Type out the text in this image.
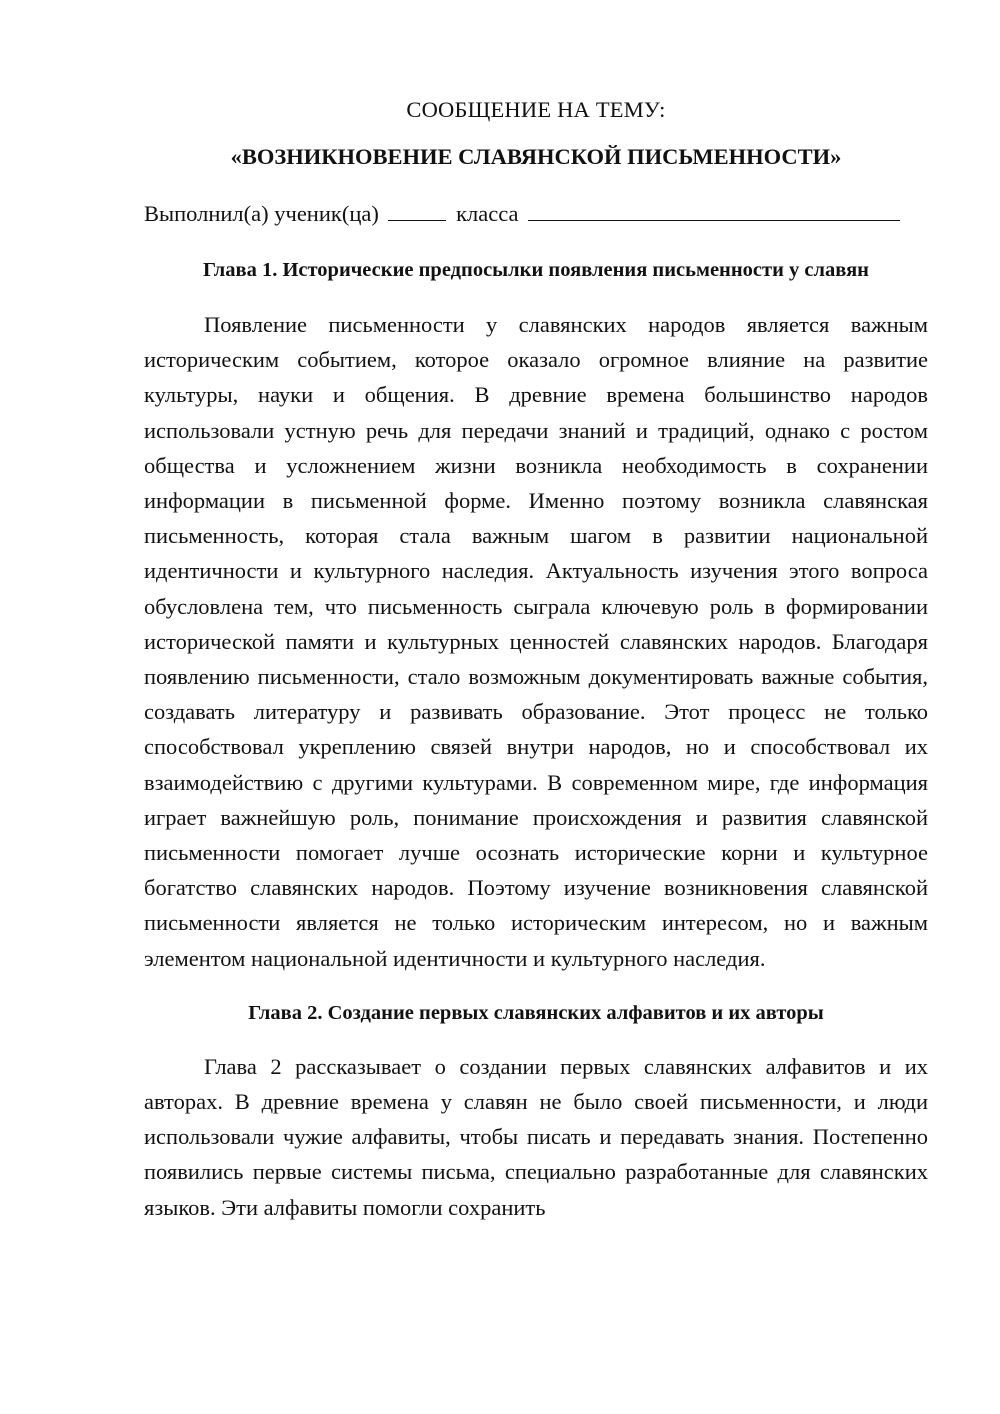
СООБЩЕНИЕ НА ТЕМУ:

«ВОЗНИКНОВЕНИЕ СЛАВЯНСКОЙ ПИСЬМЕННОСТИ»

Выполнил(а) ученик(ца)	класса
Глава 1. Исторические предпосылки появления письменности у славян

Появление письменности у славянских народов является важным историческим событием, которое оказало огромное влияние на развитие культуры, науки и общения. В древние времена большинство народов использовали устную речь для передачи знаний и традиций, однако с ростом общества и усложнением жизни возникла необходимость в сохранении информации в письменной форме. Именно поэтому возникла славянская письменность, которая стала важным шагом в развитии национальной идентичности и культурного наследия. Актуальность изучения этого вопроса обусловлена тем, что письменность сыграла ключевую роль в формировании исторической памяти и культурных ценностей славянских народов. Благодаря появлению письменности, стало возможным документировать важные события, создавать литературу и развивать образование. Этот процесс не только способствовал укреплению связей внутри народов, но и способствовал их взаимодействию с другими культурами. В современном мире, где информация играет важнейшую роль, понимание происхождения и развития славянской письменности помогает лучше осознать исторические корни и культурное богатство славянских народов. Поэтому изучение возникновения славянской письменности является не только историческим интересом, но и важным элементом национальной идентичности и культурного наследия.

Глава 2. Создание первых славянских алфавитов и их авторы

Глава 2 рассказывает о создании первых славянских алфавитов и их авторах. В древние времена у славян не было своей письменности, и люди использовали чужие алфавиты, чтобы писать и передавать знания. Постепенно появились первые системы письма, специально разработанные для славянских языков. Эти алфавиты помогли сохранить
